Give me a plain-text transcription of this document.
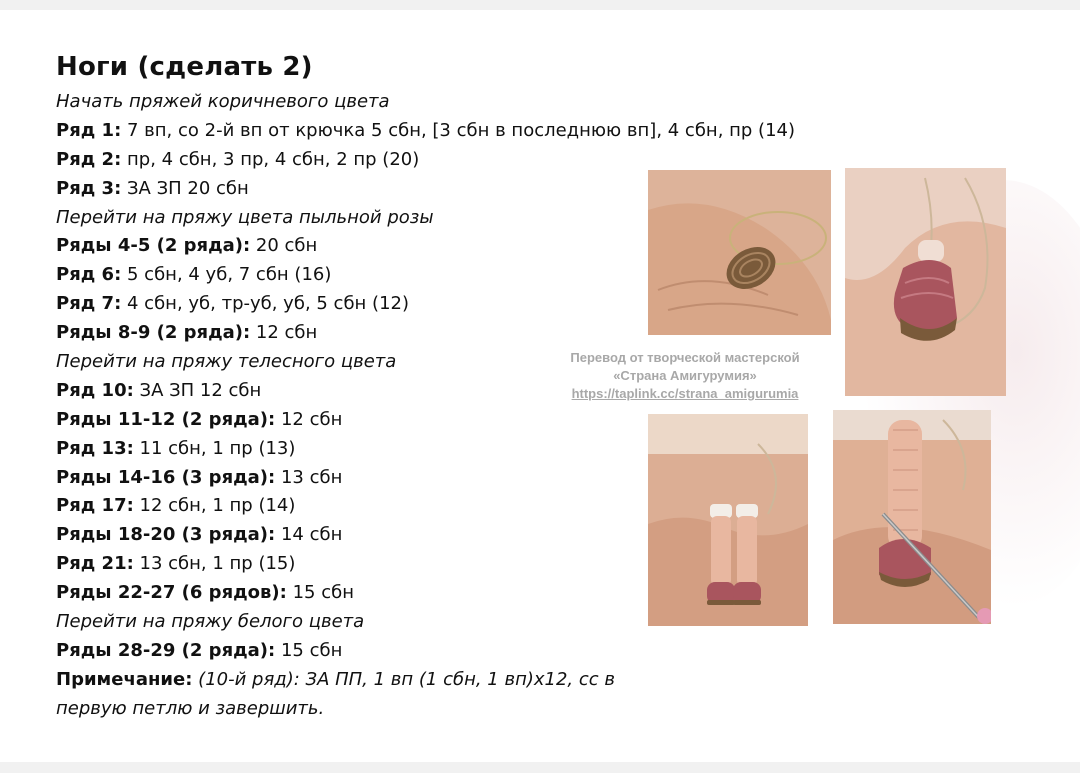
Ноги (сделать 2)
Начать пряжей коричневого цвета
Ряд 1: 7 вп, со 2-й вп от крючка 5 сбн, [3 сбн в последнюю вп], 4 сбн, пр (14)
Ряд 2: пр, 4 сбн, 3 пр, 4 сбн, 2 пр (20)
Ряд 3: ЗА ЗП 20 сбн
Перейти на пряжу цвета пыльной розы
Ряды 4-5 (2 ряда): 20 сбн
Ряд 6: 5 сбн, 4 уб, 7 сбн (16)
Ряд 7: 4 сбн, уб, тр-уб, уб, 5 сбн (12)
Ряды 8-9 (2 ряда): 12 сбн
Перейти на пряжу телесного цвета
Ряд 10: ЗА ЗП 12 сбн
Ряды 11-12 (2 ряда): 12 сбн
Ряд 13: 11 сбн, 1 пр (13)
Ряды 14-16 (3 ряда): 13 сбн
Ряд 17: 12 сбн, 1 пр (14)
Ряды 18-20 (3 ряда): 14 сбн
Ряд 21: 13 сбн, 1 пр (15)
Ряды 22-27 (6 рядов): 15 сбн
Перейти на пряжу белого цвета
Ряды 28-29 (2 ряда): 15 сбн
Примечание: (10-й ряд): ЗА ПП, 1 вп (1 сбн, 1 вп)x12, сс в
первую петлю и завершить.
Перевод от творческой мастерской
«Страна Амигурумия»
https://taplink.cc/strana_amigurumia
